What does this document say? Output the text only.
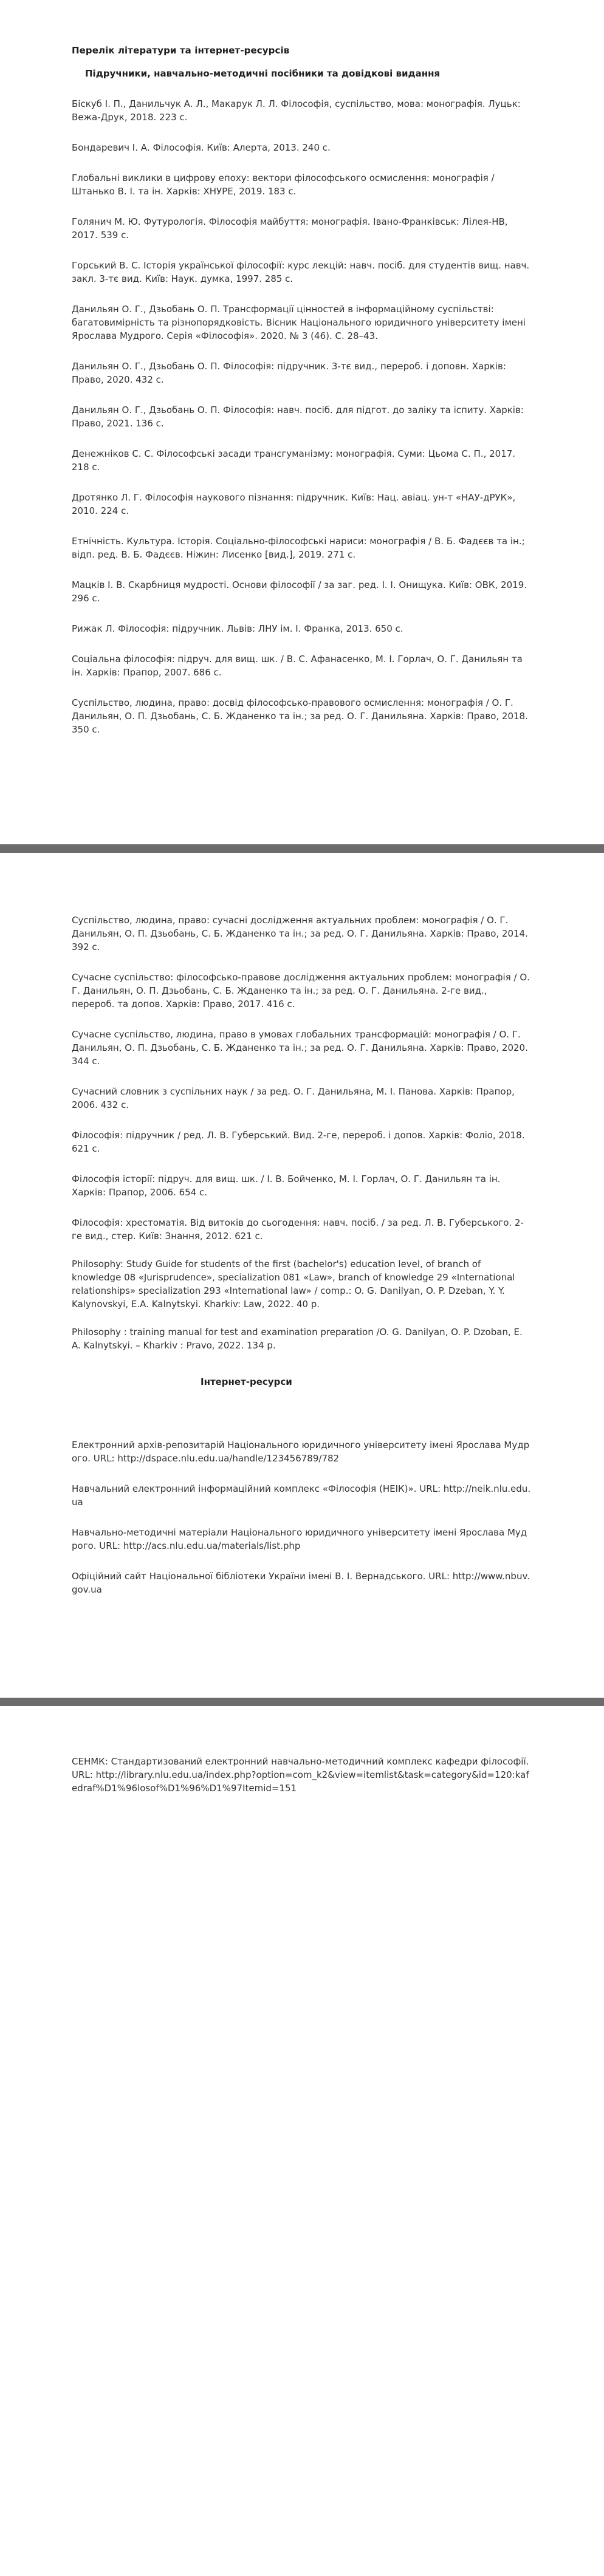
Перелік літератури та інтернет-ресурсів
Підручники, навчально-методичні посібники та довідкові видання

Біскуб І. П., Данильчук А. Л., Макарук Л. Л. Філософія, суспільство, мова: монографія. Луцьк: Вежа-Друк, 2018. 223 с.

Бондаревич І. А. Філософія. Київ: Алерта, 2013. 240 с.

Глобальні виклики в цифрову епоху: вектори філософського осмислення: монографія / Штанько В. І. та ін. Харків: ХНУРЕ, 2019. 183 с.

Голянич М. Ю. Футурологія. Філософія майбуття: монографія. Івано-Франківськ: Лілея-НВ, 2017. 539 с.

Горський В. С. Історія української філософії: курс лекцій: навч. посіб. для студентів вищ. навч. закл. 3-тє вид. Київ: Наук. думка, 1997. 285 с.

Данильян О. Г., Дзьобань О. П. Трансформації цінностей в інформаційному суспільстві: багатовимірність та різнопорядковість. Вісник Національного юридичного університету імені Ярослава Мудрого. Серія «Філософія». 2020. № 3 (46). С. 28–43.

Данильян О. Г., Дзьобань О. П. Філософія: підручник. 3-тє вид., перероб. і доповн. Харків: Право, 2020. 432 с.

Данильян О. Г., Дзьобань О. П. Філософія: навч. посіб. для підгот. до заліку та іспиту. Харків: Право, 2021. 136 с.

Денежніков С. С. Філософські засади трансгуманізму: монографія. Суми: Цьома С. П., 2017. 218 с.

Дротянко Л. Г. Філософія наукового пізнання: підручник. Київ: Нац. авіац. ун-т «НАУ-дРУК», 2010. 224 с.

Етнічність. Культура. Історія. Соціально-філософські нариси: монографія / В. Б. Фадєєв та ін.; відп. ред. В. Б. Фадєєв. Ніжин: Лисенко [вид.], 2019. 271 с.

Мацків І. В. Скарбниця мудрості. Основи філософії / за заг. ред. І. І. Онищука. Київ: ОВК, 2019. 296 с.

Рижак Л. Філософія: підручник. Львів: ЛНУ ім. І. Франка, 2013. 650 с.

Соціальна філософія: підруч. для вищ. шк. / В. С. Афанасенко, М. І. Горлач, О. Г. Данильян та ін. Харків: Прапор, 2007. 686 с.

Суспільство, людина, право: досвід філософсько-правового осмислення: монографія / О. Г. Данильян, О. П. Дзьобань, С. Б. Жданенко та ін.; за ред. О. Г. Данильяна. Харків: Право, 2018. 350 с.

Суспільство, людина, право: сучасні дослідження актуальних проблем: монографія / О. Г. Данильян, О. П. Дзьобань, С. Б. Жданенко та ін.; за ред. О. Г. Данильяна. Харків: Право, 2014. 392 с.

Сучасне суспільство: філософсько-правове дослідження актуальних проблем: монографія / О. Г. Данильян, О. П. Дзьобань, С. Б. Жданенко та ін.; за ред. О. Г. Данильяна. 2-ге вид., перероб. та допов. Харків: Право, 2017. 416 с.

Сучасне суспільство, людина, право в умовах глобальних трансформацій: монографія / О. Г. Данильян, О. П. Дзьобань, С. Б. Жданенко та ін.; за ред. О. Г. Данильяна. Харків: Право, 2020. 344 с.

Сучасний словник з суспільних наук / за ред. О. Г. Данильяна, М. І. Панова. Харків: Прапор, 2006. 432 с.

Філософія: підручник / ред. Л. В. Губерський. Вид. 2-ге, перероб. і допов. Харків: Фоліо, 2018. 621 с.

Філософія історії: підруч. для вищ. шк. / І. В. Бойченко, М. І. Горлач, О. Г. Данильян та ін. Харків: Прапор, 2006. 654 с.

Філософія: хрестоматія. Від витоків до сьогодення: навч. посіб. / за ред. Л. В. Губерського. 2-ге вид., стер. Київ: Знання, 2012. 621 с.

Philosophy: Study Guide for students of the first (bachelor's) education level, of branch of knowledge 08 «Jurisprudence», specialization 081 «Law», branch of knowledge 29 «International relationships» specialization 293 «International law» / comp.: O. G. Danilyan, O. P. Dzeban, Y. Y. Kalynovskyi, E.A. Kalnytskyi. Kharkiv: Law, 2022. 40 p.

Philosophy : training manual for test and examination preparation /O. G. Danilyan, O. P. Dzoban, E. A. Kalnytskyi. – Kharkiv : Pravo, 2022. 134 p.

Інтернет-ресурси

Електронний архів-репозитарій Національного юридичного університету імені Ярослава Мудрого. URL: http://dspace.nlu.edu.ua/handle/123456789/782

Навчальний електронний інформаційний комплекс «Філософія (НЕІК)». URL: http://neik.nlu.edu.ua

Навчально-методичні матеріали Національного юридичного університету імені Ярослава Мудрого. URL: http://acs.nlu.edu.ua/materials/list.php

Офіційний сайт Національної бібліотеки України імені В. І. Вернадського. URL: http://www.nbuv.gov.ua

СЕНМК: Стандартизований електронний навчально-методичний комплекс кафедри філософії. URL: http://library.nlu.edu.ua/index.php?option=com_k2&view=itemlist&task=category&id=120:kafedraf%D1%96losof%D1%96%D1%97Itemid=151
